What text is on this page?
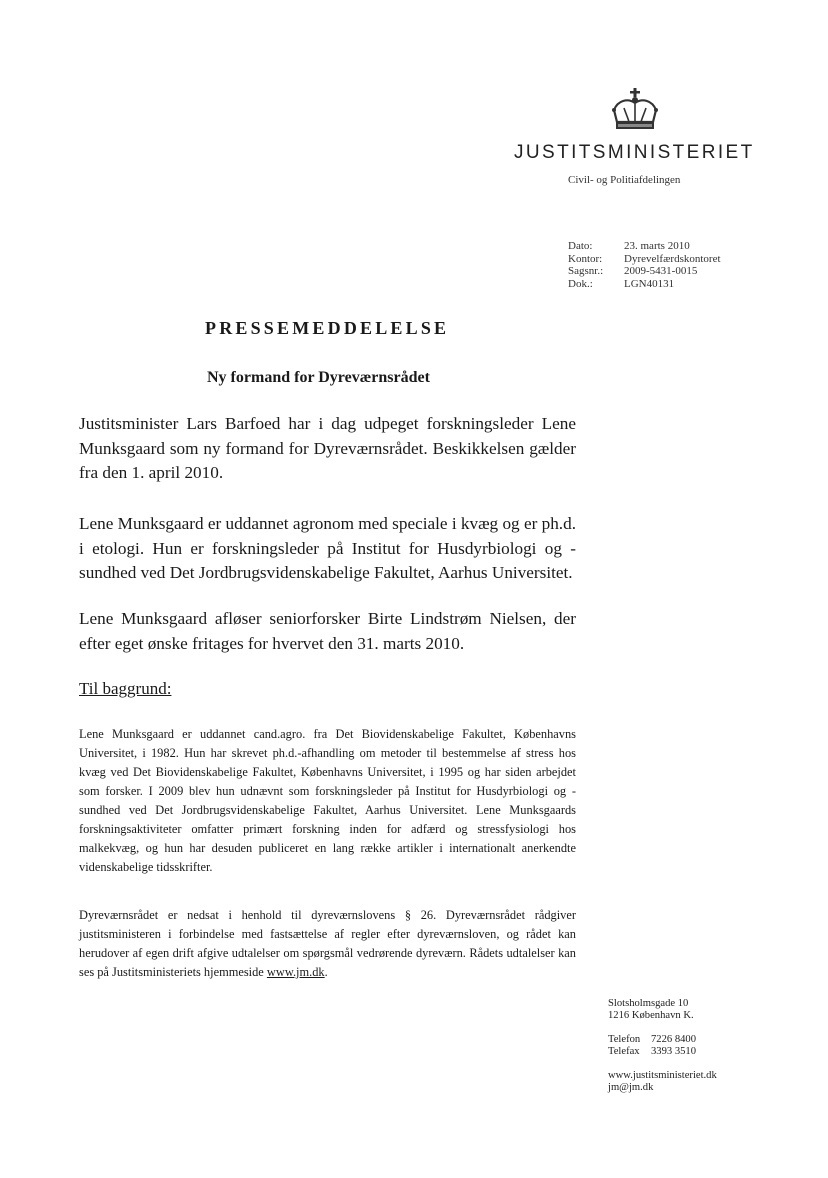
JUSTITSMINISTERIET
Civil- og Politiafdelingen
Dato:	23. marts 2010
Kontor:	Dyrevelfærdskontoret
Sagsnr.:	2009-5431-0015
Dok.:	LGN40131
PRESSEMEDDELELSE
Ny formand for Dyreværnsrådet
Justitsminister Lars Barfoed har i dag udpeget forskningsleder Lene Munksgaard som ny formand for Dyreværnsrådet. Beskikkelsen gælder fra den 1. april 2010.
Lene Munksgaard er uddannet agronom med speciale i kvæg og er ph.d. i etologi. Hun er forskningsleder på Institut for Husdyrbiologi og -sundhed ved Det Jordbrugsvidenskabelige Fakultet, Aarhus Universitet.
Lene Munksgaard afløser seniorforsker Birte Lindstrøm Nielsen, der efter eget ønske fritages for hvervet den 31. marts 2010.
Til baggrund:
Lene Munksgaard er uddannet cand.agro. fra Det Biovidenskabelige Fakultet, Københavns Universitet, i 1982. Hun har skrevet ph.d.-afhandling om metoder til bestemmelse af stress hos kvæg ved Det Biovidenskabelige Fakultet, Københavns Universitet, i 1995 og har siden arbejdet som forsker. I 2009 blev hun udnævnt som forskningsleder på Institut for Husdyrbiologi og -sundhed ved Det Jordbrugsvidenskabelige Fakultet, Aarhus Universitet. Lene Munksgaards forskningsaktiviteter omfatter primært forskning inden for adfærd og stressfysiologi hos malkekvæg, og hun har desuden publiceret en lang række artikler i internationalt anerkendte videnskabelige tidsskrifter.
Dyreværnsrådet er nedsat i henhold til dyreværnslovens § 26. Dyreværnsrådet rådgiver justitsministeren i forbindelse med fastsættelse af regler efter dyreværnsloven, og rådet kan herudover af egen drift afgive udtalelser om spørgsmål vedrørende dyreværn. Rådets udtalelser kan ses på Justitsministeriets hjemmeside www.jm.dk.
Slotsholmsgade 10
1216 København K.
Telefon	7226 8400
Telefax	3393 3510
www.justitsministeriet.dk
jm@jm.dk
